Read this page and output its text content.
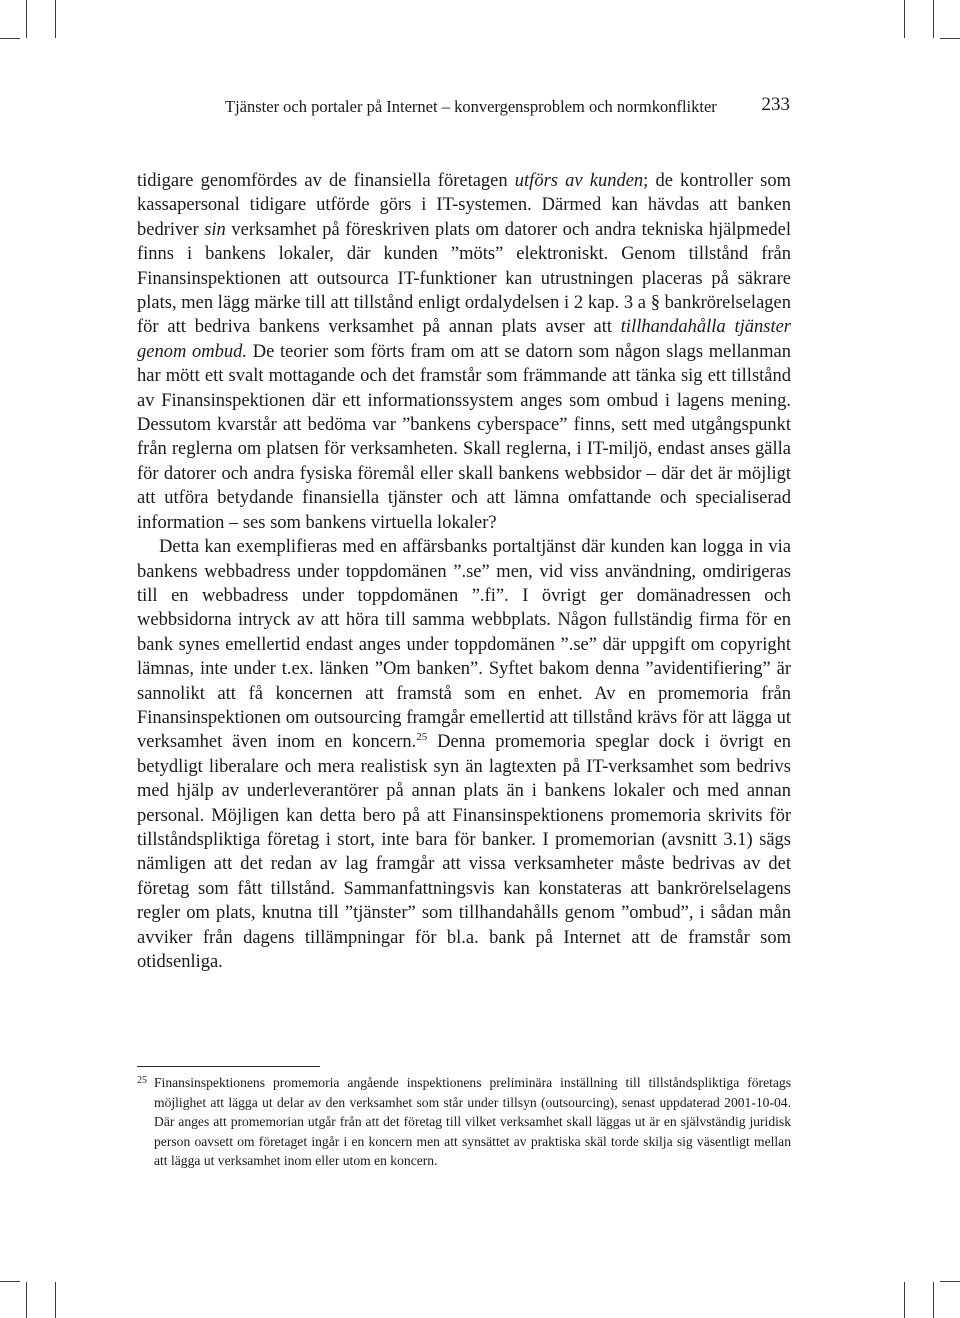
Tjänster och portaler på Internet – konvergensproblem och normkonflikter 233

tidigare genomfördes av de finansiella företagen utförs av kunden; de kontroller som kassapersonal tidigare utförde görs i IT-systemen. Därmed kan hävdas att banken bedriver sin verksamhet på föreskriven plats om datorer och andra tekniska hjälpmedel finns i bankens lokaler, där kunden ”möts” elektroniskt. Genom tillstånd från Finansinspektionen att outsourca IT-funktioner kan utrustningen placeras på säkrare plats, men lägg märke till att tillstånd enligt ordalydelsen i 2 kap. 3 a § bankrörelselagen för att bedriva bankens verksamhet på annan plats avser att tillhandahålla tjänster genom ombud. De teorier som förts fram om att se datorn som någon slags mellanman har mött ett svalt mottagande och det framstår som främmande att tänka sig ett tillstånd av Finansinspektionen där ett informationssystem anges som ombud i lagens mening. Dessutom kvarstår att bedöma var ”bankens cyberspace” finns, sett med utgångspunkt från reglerna om platsen för verksamheten. Skall reglerna, i IT-miljö, endast anses gälla för datorer och andra fysiska föremål eller skall bankens webbsidor – där det är möjligt att utföra betydande finansiella tjänster och att lämna omfattande och specialiserad information – ses som bankens virtuella lokaler?

Detta kan exemplifieras med en affärsbanks portaltjänst där kunden kan logga in via bankens webbadress under toppdomänen ”.se” men, vid viss användning, omdirigeras till en webbadress under toppdomänen ”.fi”. I övrigt ger domänadressen och webbsidorna intryck av att höra till samma webbplats. Någon fullständig firma för en bank synes emellertid endast anges under toppdomänen ”.se” där uppgift om copyright lämnas, inte under t.ex. länken ”Om banken”. Syftet bakom denna ”avidentifiering” är sannolikt att få koncernen att framstå som en enhet. Av en promemoria från Finansinspektionen om outsourcing framgår emellertid att tillstånd krävs för att lägga ut verksamhet även inom en koncern.$^{25}$ Denna promemoria speglar dock i övrigt en betydligt liberalare och mera realistisk syn än lagtexten på IT-verksamhet som bedrivs med hjälp av underleverantörer på annan plats än i bankens lokaler och med annan personal. Möjligen kan detta bero på att Finansinspektionens promemoria skrivits för tillståndspliktiga företag i stort, inte bara för banker. I promemorian (avsnitt 3.1) sägs nämligen att det redan av lag framgår att vissa verksamheter måste bedrivas av det företag som fått tillstånd. Sammanfattningsvis kan konstateras att bankrörelselagens regler om plats, knutna till ”tjänster” som tillhandahålls genom ”ombud”, i sådan mån avviker från dagens tillämpningar för bl.a. bank på Internet att de framstår som otidsenliga.

25 Finansinspektionens promemoria angående inspektionens preliminära inställning till tillståndspliktiga företags möjlighet att lägga ut delar av den verksamhet som står under tillsyn (outsourcing), senast uppdaterad 2001-10-04. Där anges att promemorian utgår från att det företag till vilket verksamhet skall läggas ut är en självständig juridisk person oavsett om företaget ingår i en koncern men att synsättet av praktiska skäl torde skilja sig väsentligt mellan att lägga ut verksamhet inom eller utom en koncern.
